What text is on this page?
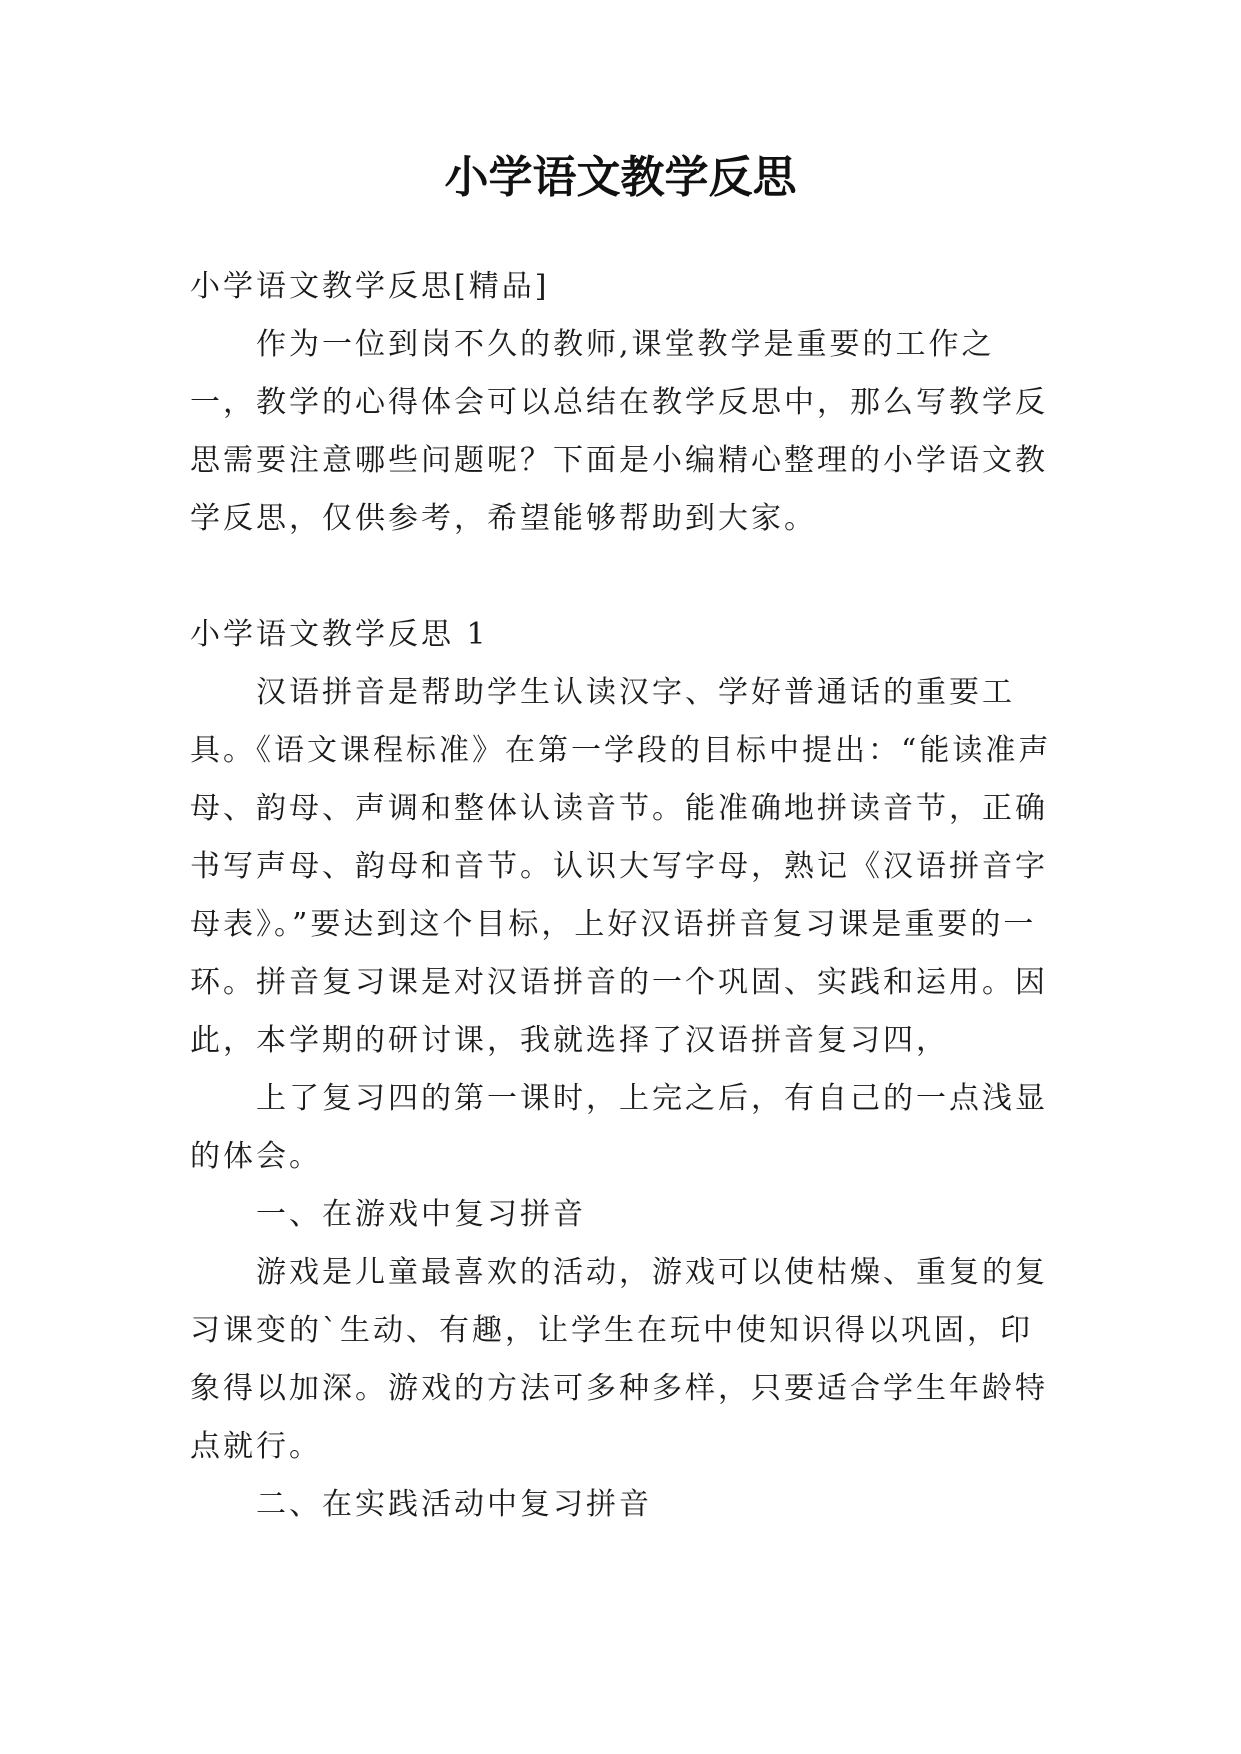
小学语文教学反思

小学语文教学反思[精品]

作为一位到岗不久的教师,课堂教学是重要的工作之一，教学的心得体会可以总结在教学反思中，那么写教学反思需要注意哪些问题呢？下面是小编精心整理的小学语文教学反思，仅供参考，希望能够帮助到大家。

小学语文教学反思 1

汉语拼音是帮助学生认读汉字、学好普通话的重要工具。《语文课程标准》在第一学段的目标中提出：“能读准声母、韵母、声调和整体认读音节。能准确地拼读音节，正确书写声母、韵母和音节。认识大写字母，熟记《汉语拼音字母表》。”要达到这个目标，上好汉语拼音复习课是重要的一环。拼音复习课是对汉语拼音的一个巩固、实践和运用。因此，本学期的研讨课，我就选择了汉语拼音复习四，

上了复习四的第一课时，上完之后，有自己的一点浅显的体会。

一、在游戏中复习拼音

游戏是儿童最喜欢的活动，游戏可以使枯燥、重复的复习课变的`生动、有趣，让学生在玩中使知识得以巩固，印象得以加深。游戏的方法可多种多样，只要适合学生年龄特点就行。

二、在实践活动中复习拼音
